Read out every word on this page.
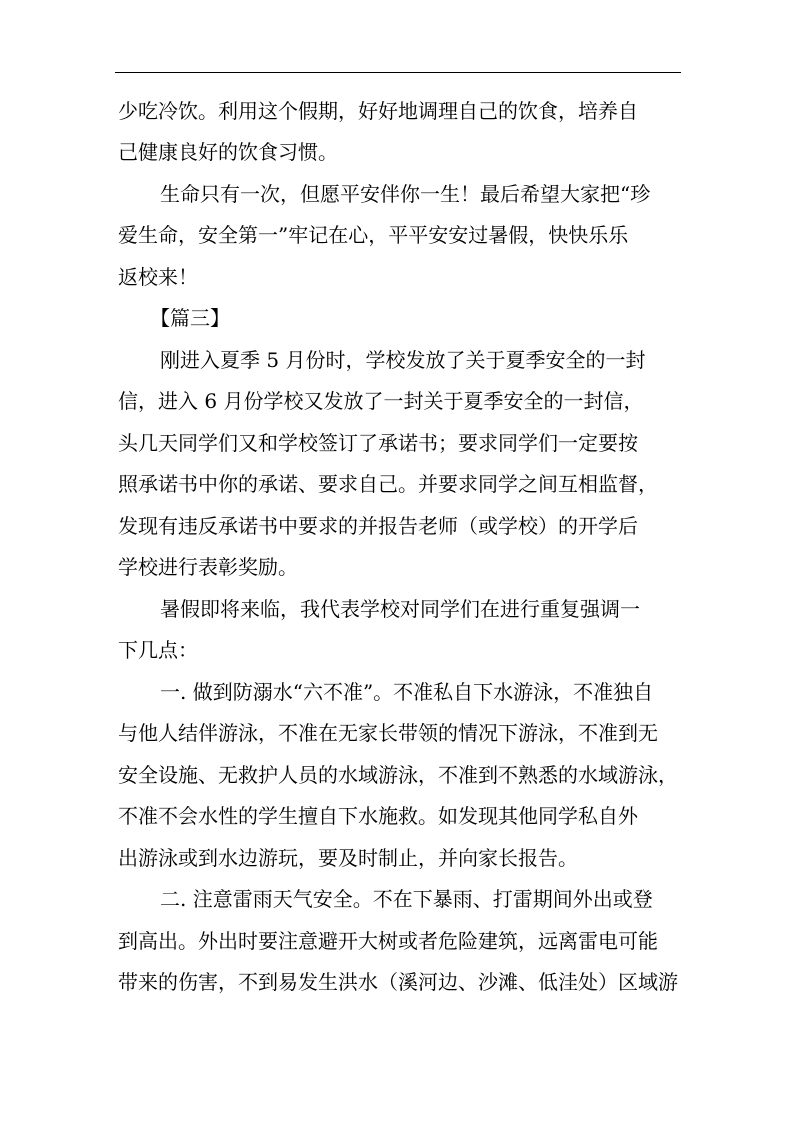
少吃冷饮。利用这个假期，好好地调理自己的饮食，培养自
己健康良好的饮食习惯。
生命只有一次，但愿平安伴你一生！最后希望大家把“珍
爱生命，安全第一”牢记在心，平平安安过暑假，快快乐乐
返校来！
【篇三】
刚进入夏季 5 月份时，学校发放了关于夏季安全的一封
信，进入 6 月份学校又发放了一封关于夏季安全的一封信，
头几天同学们又和学校签订了承诺书；要求同学们一定要按
照承诺书中你的承诺、要求自己。并要求同学之间互相监督，
发现有违反承诺书中要求的并报告老师（或学校）的开学后
学校进行表彰奖励。
暑假即将来临，我代表学校对同学们在进行重复强调一
下几点：
一. 做到防溺水“六不准”。不准私自下水游泳，不准独自
与他人结伴游泳，不准在无家长带领的情况下游泳，不准到无
安全设施、无救护人员的水域游泳，不准到不熟悉的水域游泳，
不准不会水性的学生擅自下水施救。如发现其他同学私自外
出游泳或到水边游玩，要及时制止，并向家长报告。
二. 注意雷雨天气安全。不在下暴雨、打雷期间外出或登
到高出。外出时要注意避开大树或者危险建筑，远离雷电可能
带来的伤害，不到易发生洪水（溪河边、沙滩、低洼处）区域游
